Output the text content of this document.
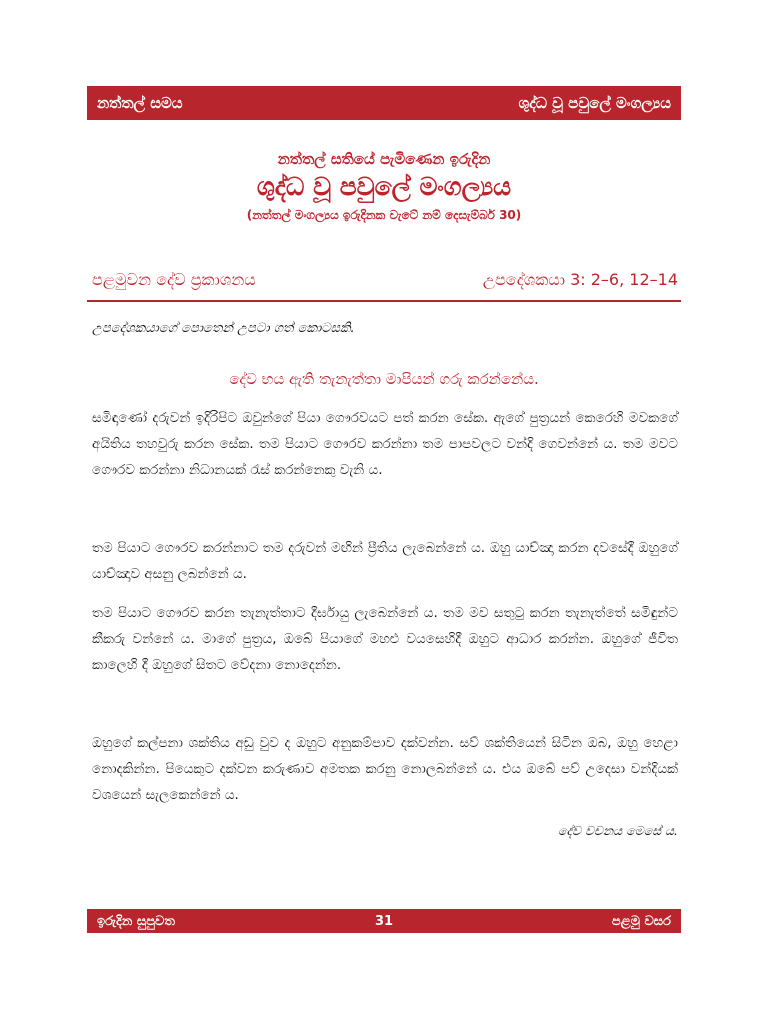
නත්තල් සමය	ශුද්ධ වූ පවුලේ මංගල්‍යය
නත්තල් සතියේ පැමිණෙන ඉරුදින
ශුද්ධ වූ පවුලේ මංගල්‍යය
(නත්තල් මංගල්‍යය ඉරුදිනක වැටේ නම් දෙසැම්බර් 30)
පළමුවන දේව ප්‍රකාශනය	උපදේශකයා 3: 2–6, 12–14
උපදේශකයාගේ පොතෙන් උපටා ගත් කොටසකි.
දේව භය ඇති තැනැත්තා මාපියන් ගරු කරන්නේය.

සමිඳාණෝ දරුවන් ඉදිරිපිට ඔවුන්ගේ පියා ගෞරවයට පත් කරන සේක. ඇගේ පුත්‍රයන් කෙරෙහි මවකගේ අයිතිය තහවුරු කරන සේක. තම පියාට ගෞරව කරන්නා තම පාපවලට වන්දි ගෙවන්නේ ය. තම මවට ගෞරව කරන්නා නිධානයක් රැස් කරන්නෙකු වැනි ය.

තම පියාට ගෞරව කරන්නාට තම දරුවන් මඟින් ප්‍රීතිය ලැබෙන්නේ ය. ඔහු යාච්ඤා කරන දවසේදී ඔහුගේ යාච්ඤාව අසනු ලබන්නේ ය.

තම පියාට ගෞරව කරන තැනැත්තාට දීර්ඝායු ලැබෙන්නේ ය. තම මව සතුටු කරන තැනැත්තේ සමිඳුන්ට කීකරු වන්නේ ය. මාගේ පුත්‍රය, ඔබේ පියාගේ මහළු වයසෙහිදී ඔහුට ආධාර කරන්න. ඔහුගේ ජීවිත කාලෙහි දී ඔහුගේ සිතට වේදනා නොදෙන්න.

ඔහුගේ කල්පනා ශක්තිය අඩු වුව ද ඔහුට අනුකම්පාව දක්වන්න. සව් ශක්තියෙන් සිටින ඔබ, ඔහු හෙළා නොදකින්න. පියෙකුට දක්වන කරුණාව අමතක කරනු නොලබන්නේ ය. එය ඔබේ පව් උදෙසා වන්දියක් වශයෙන් සැලකෙන්නේ ය.

දේව වචනය මෙසේ ය.
ඉරුදින සුපුවත	31	පළමු වසර
